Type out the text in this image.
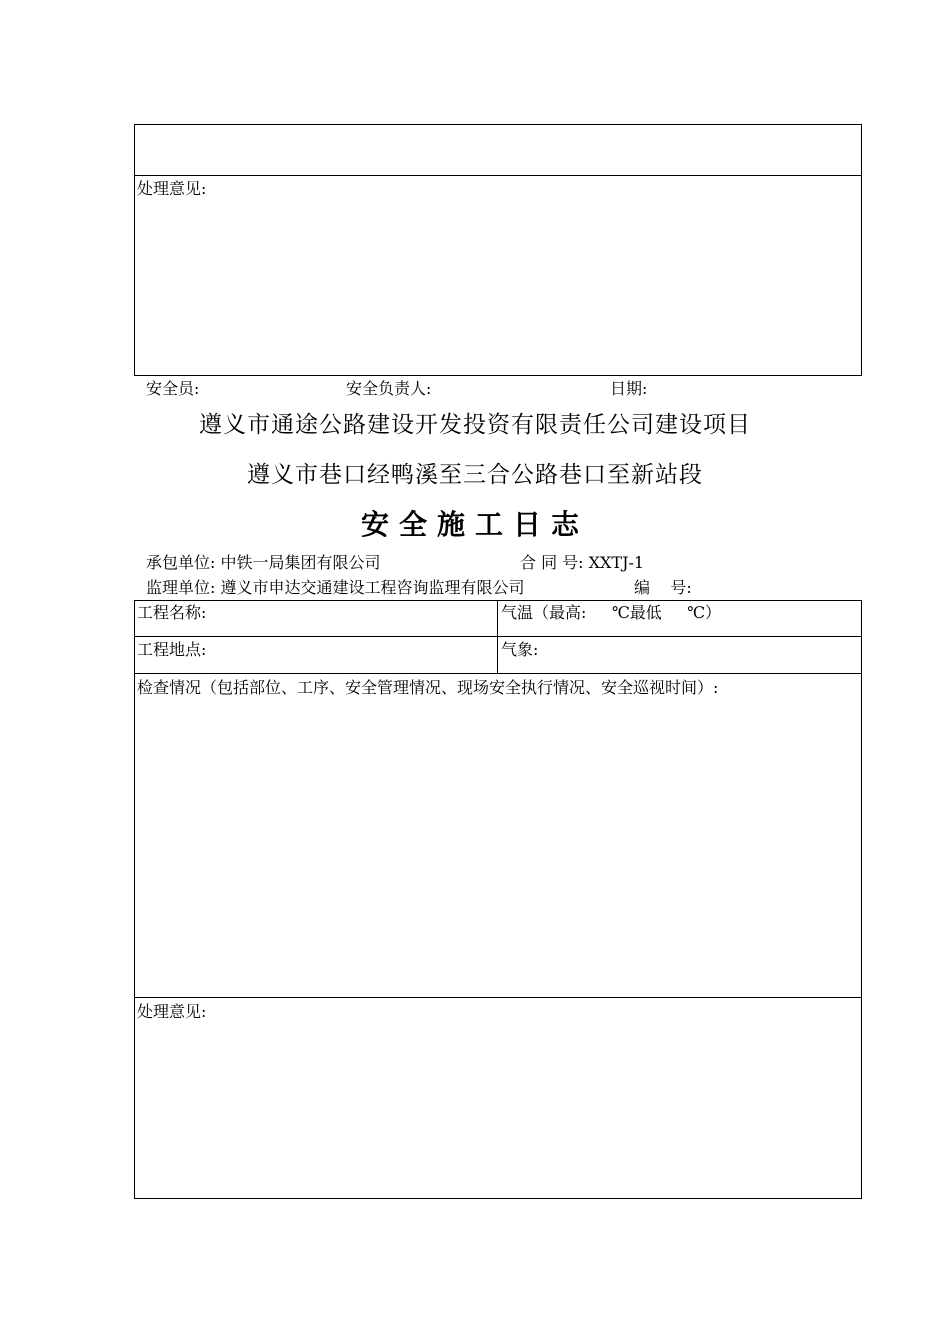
处理意见:
安全员:	安全负责人:	日期:
遵义市通途公路建设开发投资有限责任公司建设项目
遵义市巷口经鸭溪至三合公路巷口至新站段
安全施工日志
承包单位: 中铁一局集团有限公司	合 同 号: XXTJ-1
监理单位: 遵义市申达交通建设工程咨询监理有限公司	编    号:
工程名称:	气温（最高:     ℃最低     ℃）
工程地点:	气象:
检查情况（包括部位、工序、安全管理情况、现场安全执行情况、安全巡视时间）:
处理意见:
